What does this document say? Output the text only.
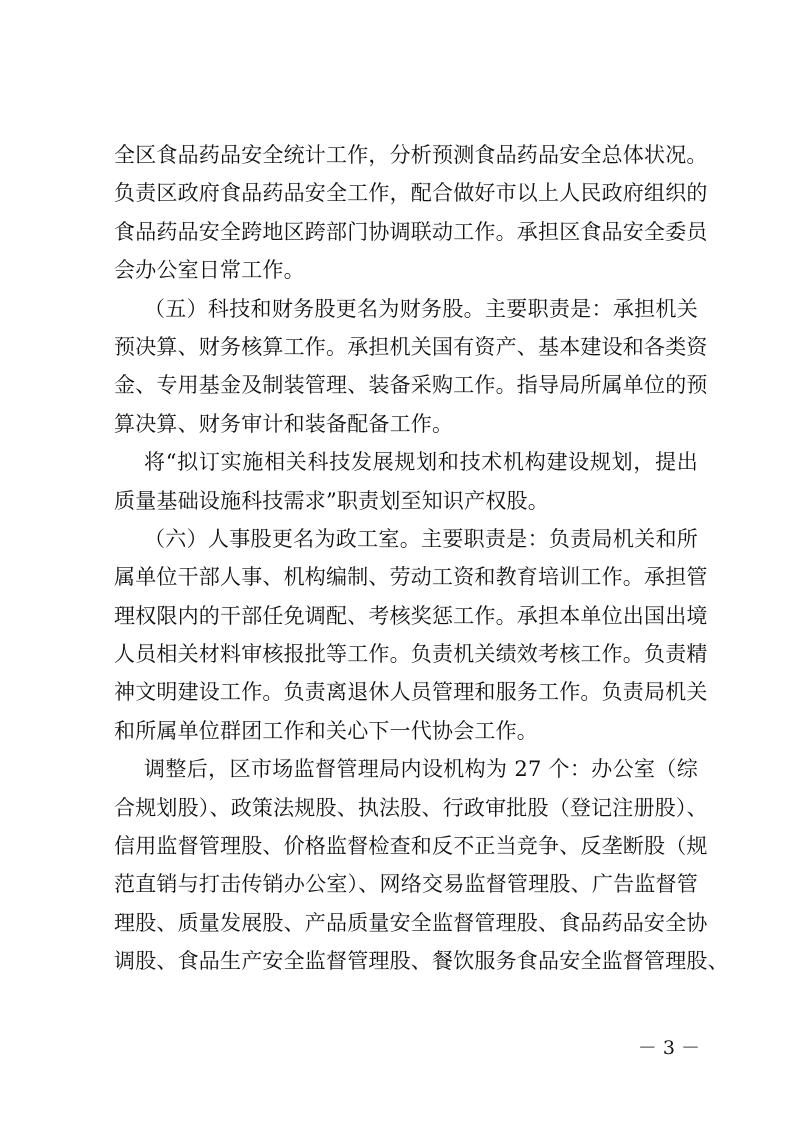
全区食品药品安全统计工作，分析预测食品药品安全总体状况。
负责区政府食品药品安全工作，配合做好市以上人民政府组织的
食品药品安全跨地区跨部门协调联动工作。承担区食品安全委员
会办公室日常工作。
（五）科技和财务股更名为财务股。主要职责是：承担机关
预决算、财务核算工作。承担机关国有资产、基本建设和各类资
金、专用基金及制装管理、装备采购工作。指导局所属单位的预
算决算、财务审计和装备配备工作。
将“拟订实施相关科技发展规划和技术机构建设规划，提出
质量基础设施科技需求”职责划至知识产权股。
（六）人事股更名为政工室。主要职责是：负责局机关和所
属单位干部人事、机构编制、劳动工资和教育培训工作。承担管
理权限内的干部任免调配、考核奖惩工作。承担本单位出国出境
人员相关材料审核报批等工作。负责机关绩效考核工作。负责精
神文明建设工作。负责离退休人员管理和服务工作。负责局机关
和所属单位群团工作和关心下一代协会工作。
调整后，区市场监督管理局内设机构为 27 个：办公室（综
合规划股）、政策法规股、执法股、行政审批股（登记注册股）、
信用监督管理股、价格监督检查和反不正当竞争、反垄断股（规
范直销与打击传销办公室）、网络交易监督管理股、广告监督管
理股、质量发展股、产品质量安全监督管理股、食品药品安全协
调股、食品生产安全监督管理股、餐饮服务食品安全监督管理股、
－ 3 －
